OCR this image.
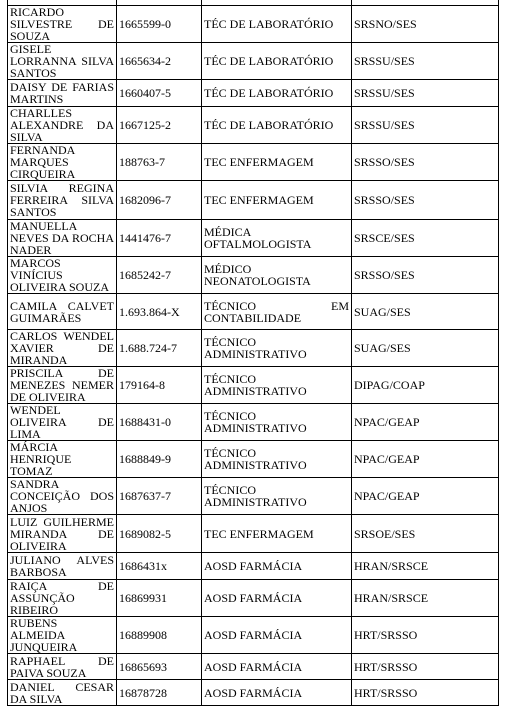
RICARDO SILVESTRE DE SOUZA	1665599-0	TÉC DE LABORATÓRIO	SRSNO/SES
GISELE LORRANNA SILVA SANTOS	1665634-2	TÉC DE LABORATÓRIO	SRSSU/SES
DAISY DE FARIAS MARTINS	1660407-5	TÉC DE LABORATÓRIO	SRSSU/SES
CHARLLES ALEXANDRE DA SILVA	1667125-2	TÉC DE LABORATÓRIO	SRSSU/SES
FERNANDA MARQUES CIRQUEIRA	188763-7	TEC ENFERMAGEM	SRSSO/SES
SILVIA REGINA FERREIRA SILVA SANTOS	1682096-7	TEC ENFERMAGEM	SRSSO/SES
MANUELLA NEVES DA ROCHA NADER	1441476-7	MÉDICA OFTALMOLOGISTA	SRSCE/SES
MARCOS VINÍCIUS OLIVEIRA SOUZA	1685242-7	MÉDICO NEONATOLOGISTA	SRSSO/SES
CAMILA CALVET GUIMARÃES	1.693.864-X	TÉCNICO EM CONTABILIDADE	SUAG/SES
CARLOS WENDEL XAVIER DE MIRANDA	1.688.724-7	TÉCNICO ADMINISTRATIVO	SUAG/SES
PRISCILA DE MENEZES NEMER DE OLIVEIRA	179164-8	TÉCNICO ADMINISTRATIVO	DIPAG/COAP
WENDEL OLIVEIRA DE LIMA	1688431-0	TÉCNICO ADMINISTRATIVO	NPAC/GEAP
MÁRCIA HENRIQUE TOMAZ	1688849-9	TÉCNICO ADMINISTRATIVO	NPAC/GEAP
SANDRA CONCEIÇÃO DOS ANJOS	1687637-7	TÉCNICO ADMINISTRATIVO	NPAC/GEAP
LUIZ GUILHERME MIRANDA DE OLIVEIRA	1689082-5	TEC ENFERMAGEM	SRSOE/SES
JULIANO ALVES BARBOSA	1686431x	AOSD FARMÁCIA	HRAN/SRSCE
RAIÇA DE ASSUNÇÃO RIBEIRO	16869931	AOSD FARMÁCIA	HRAN/SRSCE
RUBENS ALMEIDA JUNQUEIRA	16889908	AOSD FARMÁCIA	HRT/SRSSO
RAPHAEL DE PAIVA SOUZA	16865693	AOSD FARMÁCIA	HRT/SRSSO
DANIEL CESAR DA SILVA	16878728	AOSD FARMÁCIA	HRT/SRSSO
